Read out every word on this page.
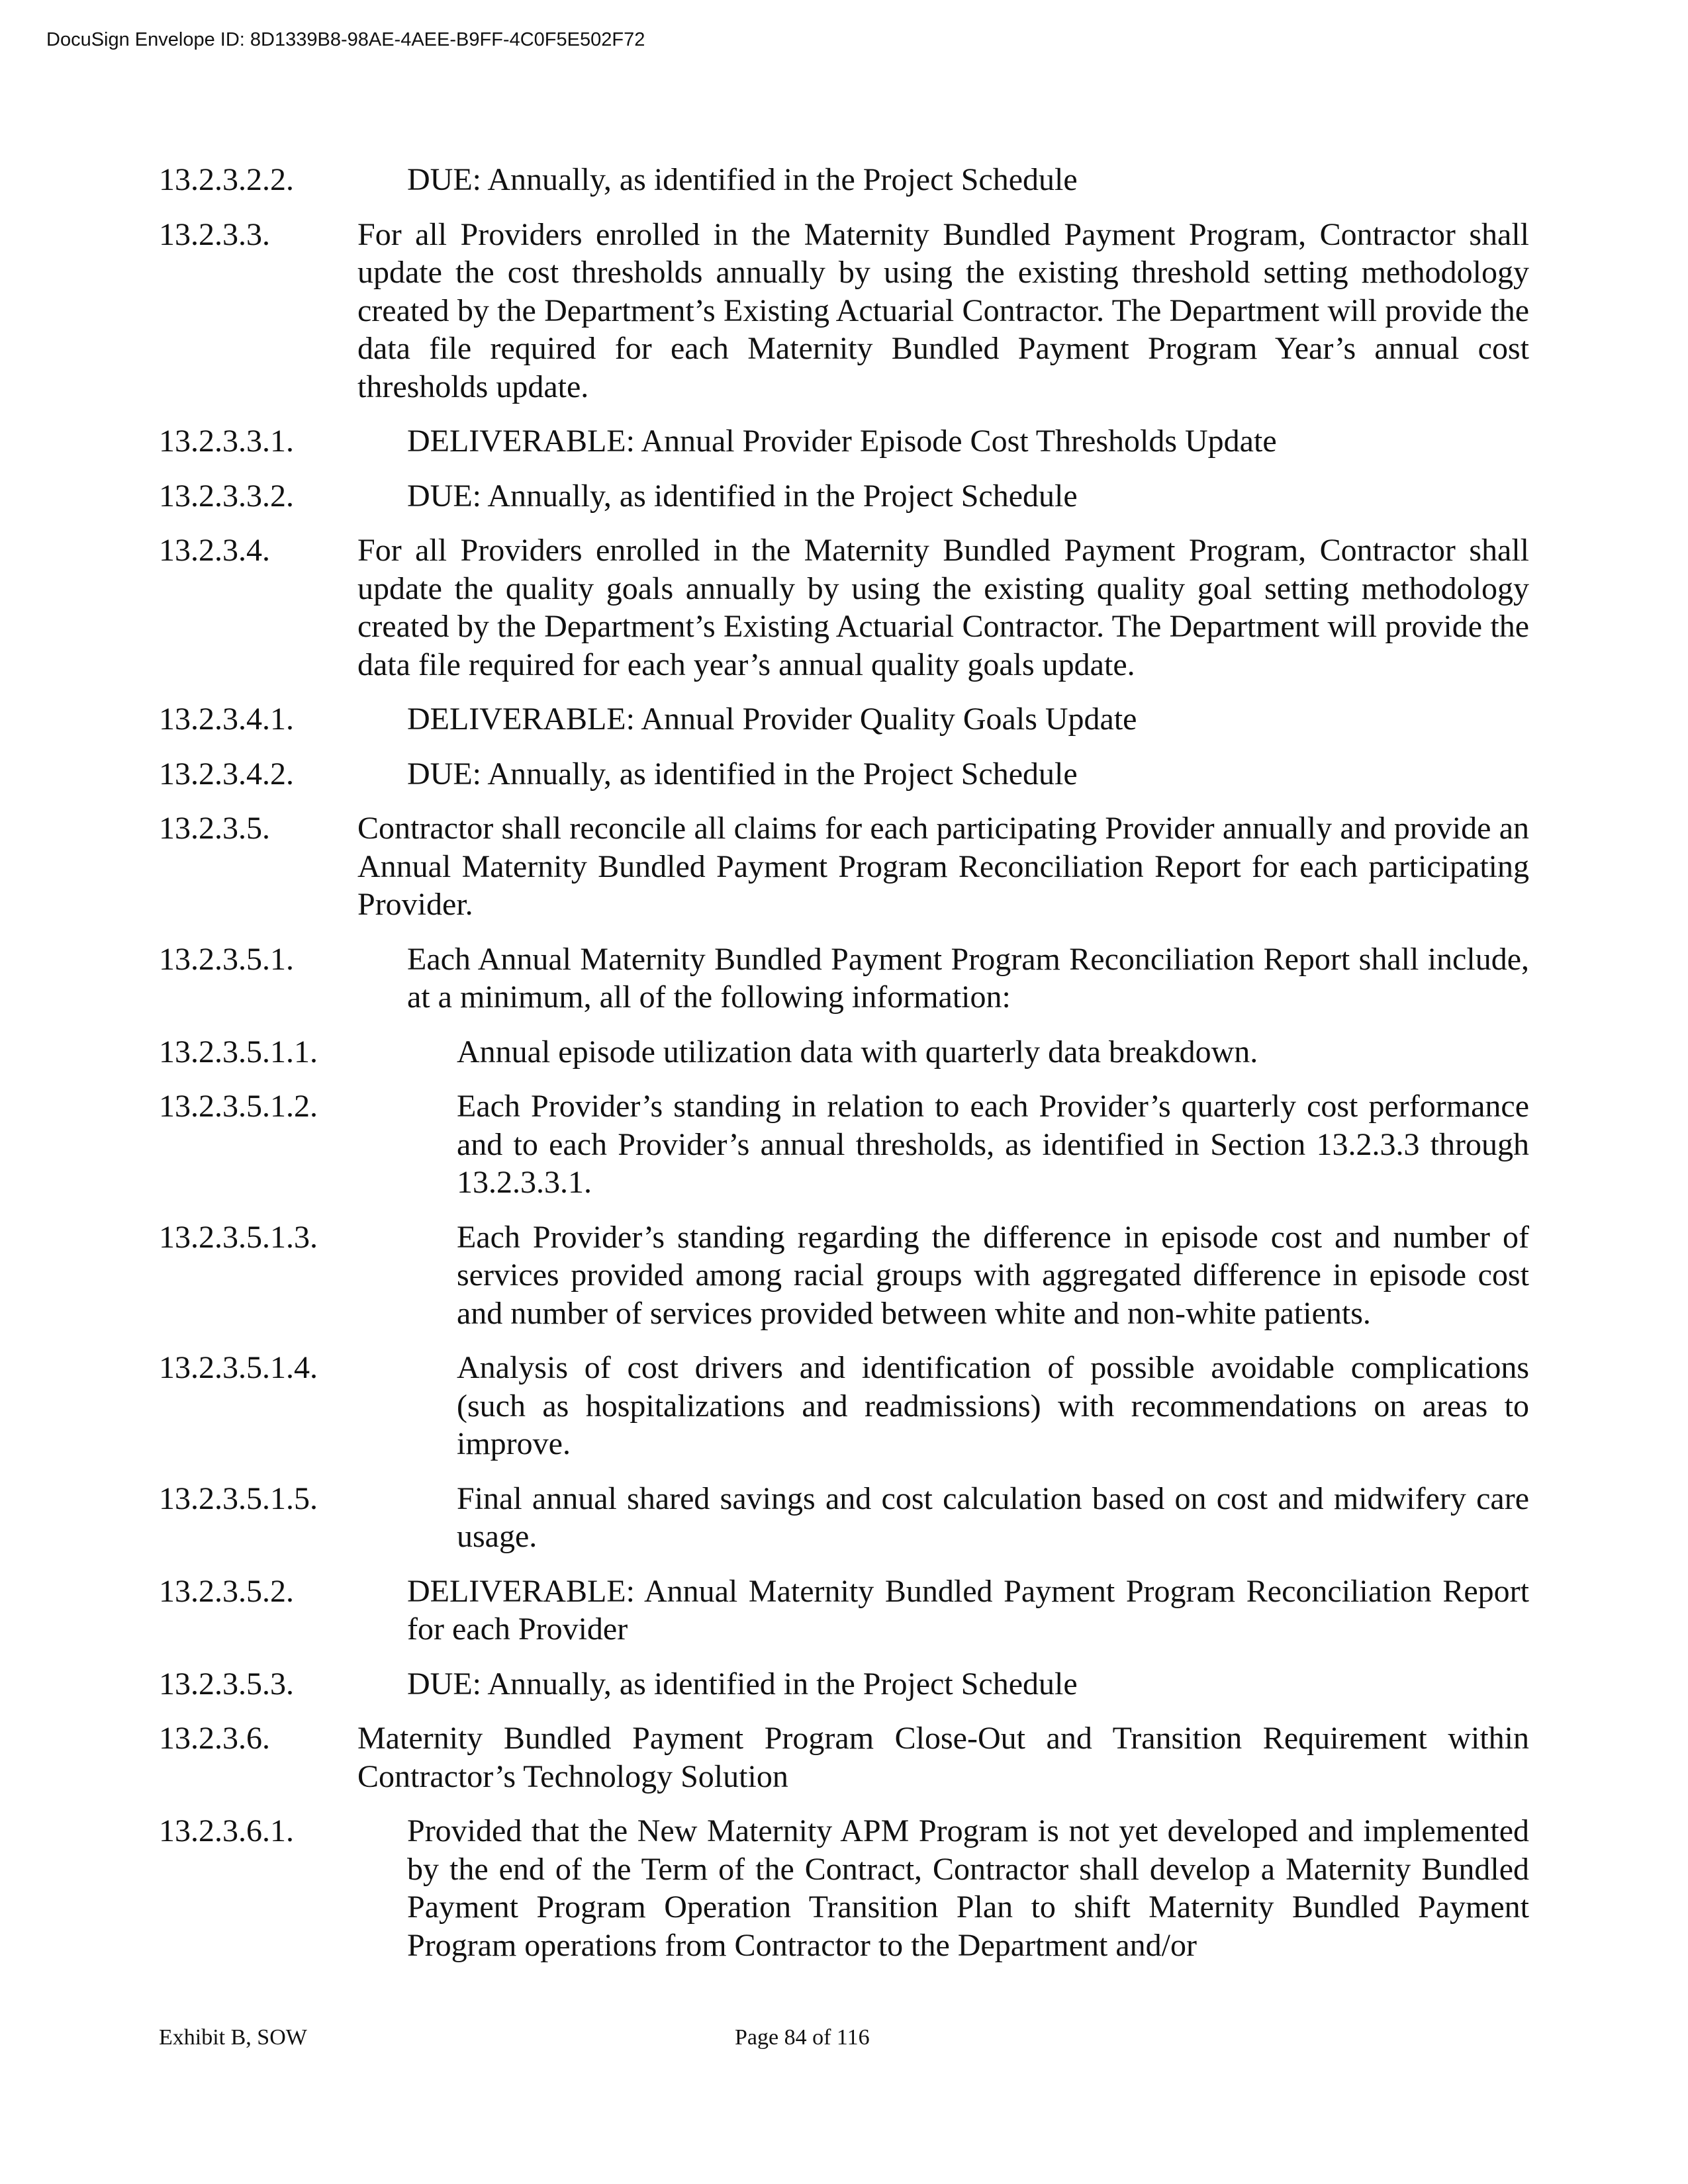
DocuSign Envelope ID: 8D1339B8-98AE-4AEE-B9FF-4C0F5E502F72
13.2.3.2.2.	DUE: Annually, as identified in the Project Schedule
13.2.3.3.	For all Providers enrolled in the Maternity Bundled Payment Program, Contractor shall update the cost thresholds annually by using the existing threshold setting methodology created by the Department’s Existing Actuarial Contractor. The Department will provide the data file required for each Maternity Bundled Payment Program Year’s annual cost thresholds update.
13.2.3.3.1.	DELIVERABLE: Annual Provider Episode Cost Thresholds Update
13.2.3.3.2.	DUE: Annually, as identified in the Project Schedule
13.2.3.4.	For all Providers enrolled in the Maternity Bundled Payment Program, Contractor shall update the quality goals annually by using the existing quality goal setting methodology created by the Department’s Existing Actuarial Contractor. The Department will provide the data file required for each year’s annual quality goals update.
13.2.3.4.1.	DELIVERABLE: Annual Provider Quality Goals Update
13.2.3.4.2.	DUE: Annually, as identified in the Project Schedule
13.2.3.5.	Contractor shall reconcile all claims for each participating Provider annually and provide an Annual Maternity Bundled Payment Program Reconciliation Report for each participating Provider.
13.2.3.5.1.	Each Annual Maternity Bundled Payment Program Reconciliation Report shall include, at a minimum, all of the following information:
13.2.3.5.1.1.	Annual episode utilization data with quarterly data breakdown.
13.2.3.5.1.2.	Each Provider’s standing in relation to each Provider’s quarterly cost performance and to each Provider’s annual thresholds, as identified in Section 13.2.3.3 through 13.2.3.3.1.
13.2.3.5.1.3.	Each Provider’s standing regarding the difference in episode cost and number of services provided among racial groups with aggregated difference in episode cost and number of services provided between white and non-white patients.
13.2.3.5.1.4.	Analysis of cost drivers and identification of possible avoidable complications (such as hospitalizations and readmissions) with recommendations on areas to improve.
13.2.3.5.1.5.	Final annual shared savings and cost calculation based on cost and midwifery care usage.
13.2.3.5.2.	DELIVERABLE: Annual Maternity Bundled Payment Program Reconciliation Report for each Provider
13.2.3.5.3.	DUE: Annually, as identified in the Project Schedule
13.2.3.6.	Maternity Bundled Payment Program Close-Out and Transition Requirement within Contractor’s Technology Solution
13.2.3.6.1.	Provided that the New Maternity APM Program is not yet developed and implemented by the end of the Term of the Contract, Contractor shall develop a Maternity Bundled Payment Program Operation Transition Plan to shift Maternity Bundled Payment Program operations from Contractor to the Department and/or
Exhibit B, SOW	Page 84 of 116
